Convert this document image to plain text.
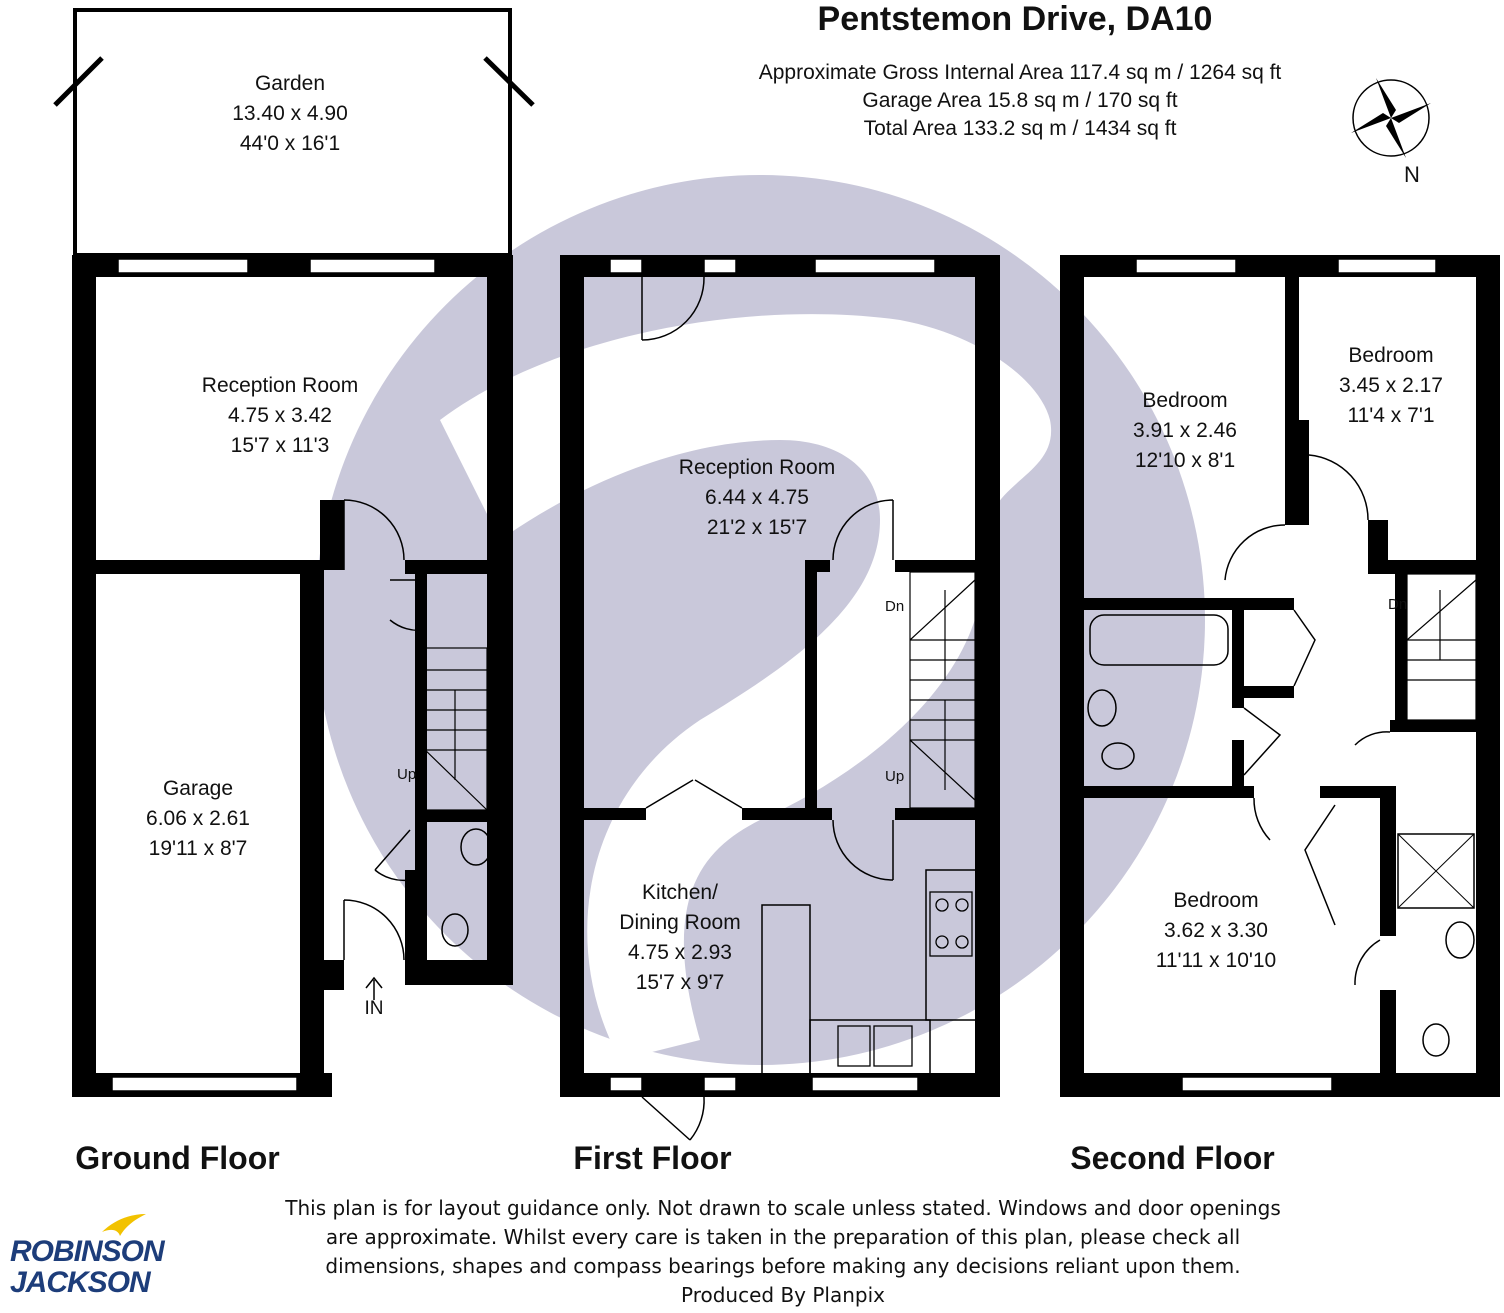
Garden
13.40 x 4.90
44'0 x 16'1
Reception Room
4.75 x 3.42
15'7 x 11'3
Garage
6.06 x 2.61
19'11 x 8'7
Reception Room
6.44 x 4.75
21'2 x 15'7
Kitchen/
Dining Room
4.75 x 2.93
15'7 x 9'7
Bedroom
3.91 x 2.46
12'10 x 8'1
Bedroom
3.45 x 2.17
11'4 x 7'1
Bedroom
3.62 x 3.30
11'11 x 10'10
Up
Dn
Up
Dn
IN
N
Pentstemon Drive, DA10
Approximate Gross Internal Area 117.4 sq m / 1264 sq ft
Garage Area 15.8 sq m / 170 sq ft
Total Area 133.2 sq m / 1434 sq ft
Ground Floor	First Floor	Second Floor
This plan is for layout guidance only. Not drawn to scale unless stated. Windows and door openings
are approximate. Whilst every care is taken in the preparation of this plan, please check all
dimensions, shapes and compass bearings before making any decisions reliant upon them.
Produced By Planpix
ROBINSON
JACKSON
